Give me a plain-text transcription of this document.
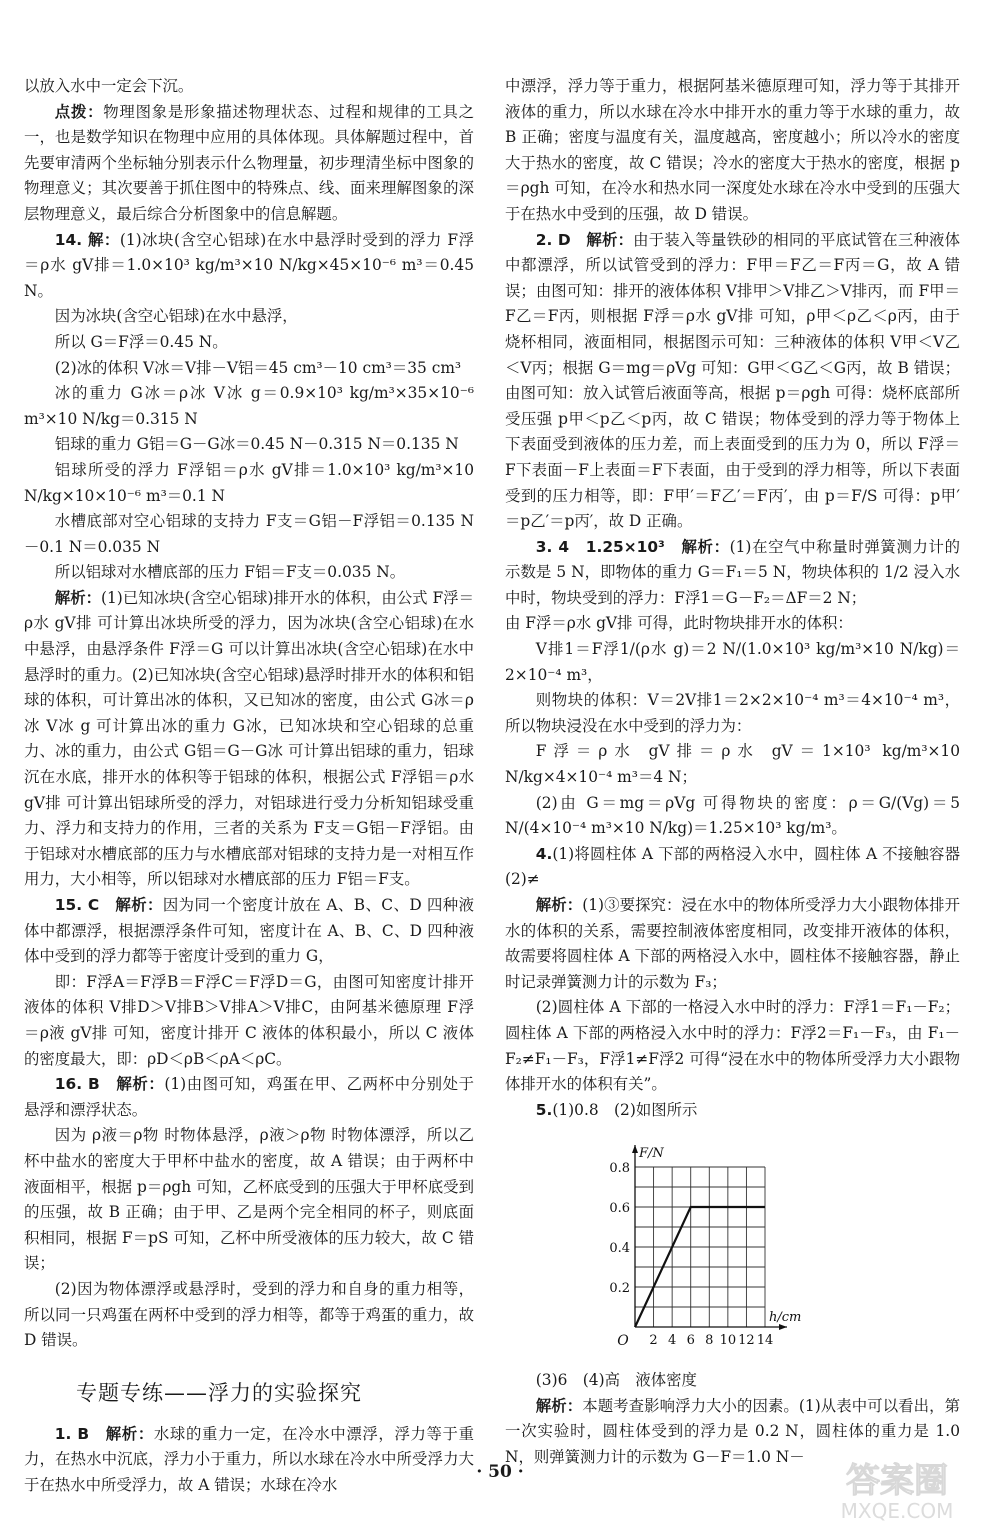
以放入水中一定会下沉。

点拨：物理图象是形象描述物理状态、过程和规律的工具之一，也是数学知识在物理中应用的具体体现。具体解题过程中，首先要审清两个坐标轴分别表示什么物理量，初步理清坐标中图象的物理意义；其次要善于抓住图中的特殊点、线、面来理解图象的深层物理意义，最后综合分析图象中的信息解题。

14. 解：(1)冰块(含空心铝球)在水中悬浮时受到的浮力 F浮＝ρ水 gV排＝1.0×10³ kg/m³×10 N/kg×45×10⁻⁶ m³＝0.45 N。

因为冰块(含空心铝球)在水中悬浮，

所以 G＝F浮＝0.45 N。

(2)冰的体积 V冰＝V排－V铝＝45 cm³－10 cm³＝35 cm³

冰的重力 G冰＝ρ冰 V冰 g＝0.9×10³ kg/m³×35×10⁻⁶ m³×10 N/kg＝0.315 N

铝球的重力 G铝＝G－G冰＝0.45 N－0.315 N＝0.135 N

铝球所受的浮力 F浮铝＝ρ水 gV排＝1.0×10³ kg/m³×10 N/kg×10×10⁻⁶ m³＝0.1 N

水槽底部对空心铝球的支持力 F支＝G铝－F浮铝＝0.135 N－0.1 N＝0.035 N

所以铝球对水槽底部的压力 F铝＝F支＝0.035 N。

解析：(1)已知冰块(含空心铝球)排开水的体积，由公式 F浮＝ρ水 gV排 可计算出冰块所受的浮力，因为冰块(含空心铝球)在水中悬浮，由悬浮条件 F浮＝G 可以计算出冰块(含空心铝球)在水中悬浮时的重力。(2)已知冰块(含空心铝球)悬浮时排开水的体积和铝球的体积，可计算出冰的体积，又已知冰的密度，由公式 G冰＝ρ冰 V冰 g 可计算出冰的重力 G冰，已知冰块和空心铝球的总重力、冰的重力，由公式 G铝＝G－G冰 可计算出铝球的重力，铝球沉在水底，排开水的体积等于铝球的体积，根据公式 F浮铝＝ρ水 gV排 可计算出铝球所受的浮力，对铝球进行受力分析知铝球受重力、浮力和支持力的作用，三者的关系为 F支＝G铝－F浮铝。由于铝球对水槽底部的压力与水槽底部对铝球的支持力是一对相互作用力，大小相等，所以铝球对水槽底部的压力 F铝＝F支。

15. C　解析：因为同一个密度计放在 A、B、C、D 四种液体中都漂浮，根据漂浮条件可知，密度计在 A、B、C、D 四种液体中受到的浮力都等于密度计受到的重力 G，

即：F浮A＝F浮B＝F浮C＝F浮D＝G，由图可知密度计排开液体的体积 V排D＞V排B＞V排A＞V排C，由阿基米德原理 F浮＝ρ液 gV排 可知，密度计排开 C 液体的体积最小，所以 C 液体的密度最大，即：ρD＜ρB＜ρA＜ρC。

16. B　解析：(1)由图可知，鸡蛋在甲、乙两杯中分别处于悬浮和漂浮状态。

因为 ρ液＝ρ物 时物体悬浮，ρ液＞ρ物 时物体漂浮，所以乙杯中盐水的密度大于甲杯中盐水的密度，故 A 错误；由于两杯中液面相平，根据 p＝ρgh 可知，乙杯底受到的压强大于甲杯底受到的压强，故 B 正确；由于甲、乙是两个完全相同的杯子，则底面积相同，根据 F＝pS 可知，乙杯中所受液体的压力较大，故 C 错误；

(2)因为物体漂浮或悬浮时，受到的浮力和自身的重力相等，所以同一只鸡蛋在两杯中受到的浮力相等，都等于鸡蛋的重力，故 D 错误。

专题专练——浮力的实验探究

1. B　解析：水球的重力一定，在冷水中漂浮，浮力等于重力，在热水中沉底，浮力小于重力，所以水球在冷水中所受浮力大于在热水中所受浮力，故 A 错误；水球在冷水

中漂浮，浮力等于重力，根据阿基米德原理可知，浮力等于其排开液体的重力，所以水球在冷水中排开水的重力等于水球的重力，故 B 正确；密度与温度有关，温度越高，密度越小；所以冷水的密度大于热水的密度，故 C 错误；冷水的密度大于热水的密度，根据 p＝ρgh 可知，在冷水和热水同一深度处水球在冷水中受到的压强大于在热水中受到的压强，故 D 错误。

2. D　解析：由于装入等量铁砂的相同的平底试管在三种液体中都漂浮，所以试管受到的浮力：F甲＝F乙＝F丙＝G，故 A 错误；由图可知：排开的液体体积 V排甲＞V排乙＞V排丙，而 F甲＝F乙＝F丙，则根据 F浮＝ρ水 gV排 可知，ρ甲＜ρ乙＜ρ丙，由于烧杯相同，液面相同，根据图示可知：三种液体的体积 V甲＜V乙＜V丙；根据 G＝mg＝ρVg 可知：G甲＜G乙＜G丙，故 B 错误；由图可知：放入试管后液面等高，根据 p＝ρgh 可得：烧杯底部所受压强 p甲＜p乙＜p丙，故 C 错误；物体受到的浮力等于物体上下表面受到液体的压力差，而上表面受到的压力为 0，所以 F浮＝F下表面－F上表面＝F下表面，由于受到的浮力相等，所以下表面受到的压力相等，即：F甲′＝F乙′＝F丙′，由 p＝F/S 可得：p甲′＝p乙′＝p丙′，故 D 正确。

3. 4　1.25×10³　解析：(1)在空气中称量时弹簧测力计的示数是 5 N，即物体的重力 G＝F₁＝5 N，物块体积的 1/2 浸入水中时，物块受到的浮力：F浮1＝G－F₂＝ΔF＝2 N；

由 F浮＝ρ水 gV排 可得，此时物块排开水的体积：

V排1＝F浮1/(ρ水 g)＝2 N/(1.0×10³ kg/m³×10 N/kg)＝2×10⁻⁴ m³，

则物块的体积：V＝2V排1＝2×2×10⁻⁴ m³＝4×10⁻⁴ m³，所以物块浸没在水中受到的浮力为：

F浮＝ρ水 gV排＝ρ水 gV＝1×10³ kg/m³×10 N/kg×4×10⁻⁴ m³＝4 N；

(2)由 G＝mg＝ρVg 可得物块的密度：ρ＝G/(Vg)＝5 N/(4×10⁻⁴ m³×10 N/kg)＝1.25×10³ kg/m³。

4.(1)将圆柱体 A 下部的两格浸入水中，圆柱体 A 不接触容器　(2)≠

解析：(1)③要探究：浸在水中的物体所受浮力大小跟物体排开水的体积的关系，需要控制液体密度相同，改变排开液体的体积，故需要将圆柱体 A 下部的两格浸入水中，圆柱体不接触容器，静止时记录弹簧测力计的示数为 F₃；

(2)圆柱体 A 下部的一格浸入水中时的浮力：F浮1＝F₁－F₂；圆柱体 A 下部的两格浸入水中时的浮力：F浮2＝F₁－F₃，由 F₁－F₂≠F₁－F₃，F浮1≠F浮2 可得“浸在水中的物体所受浮力大小跟物体排开水的体积有关”。

5.(1)0.8　(2)如图所示

2 4 6 8 10 12 14
0.2
0.4
0.6
0.8
O
h/cm
F/N

(3)6　(4)高　液体密度

解析：本题考查影响浮力大小的因素。(1)从表中可以看出，第一次实验时，圆柱体受到的浮力是 0.2 N，圆柱体的重力是 1.0 N，则弹簧测力计的示数为 G－F＝1.0 N－

· 50 ·	答案圈
MXQE.COM
